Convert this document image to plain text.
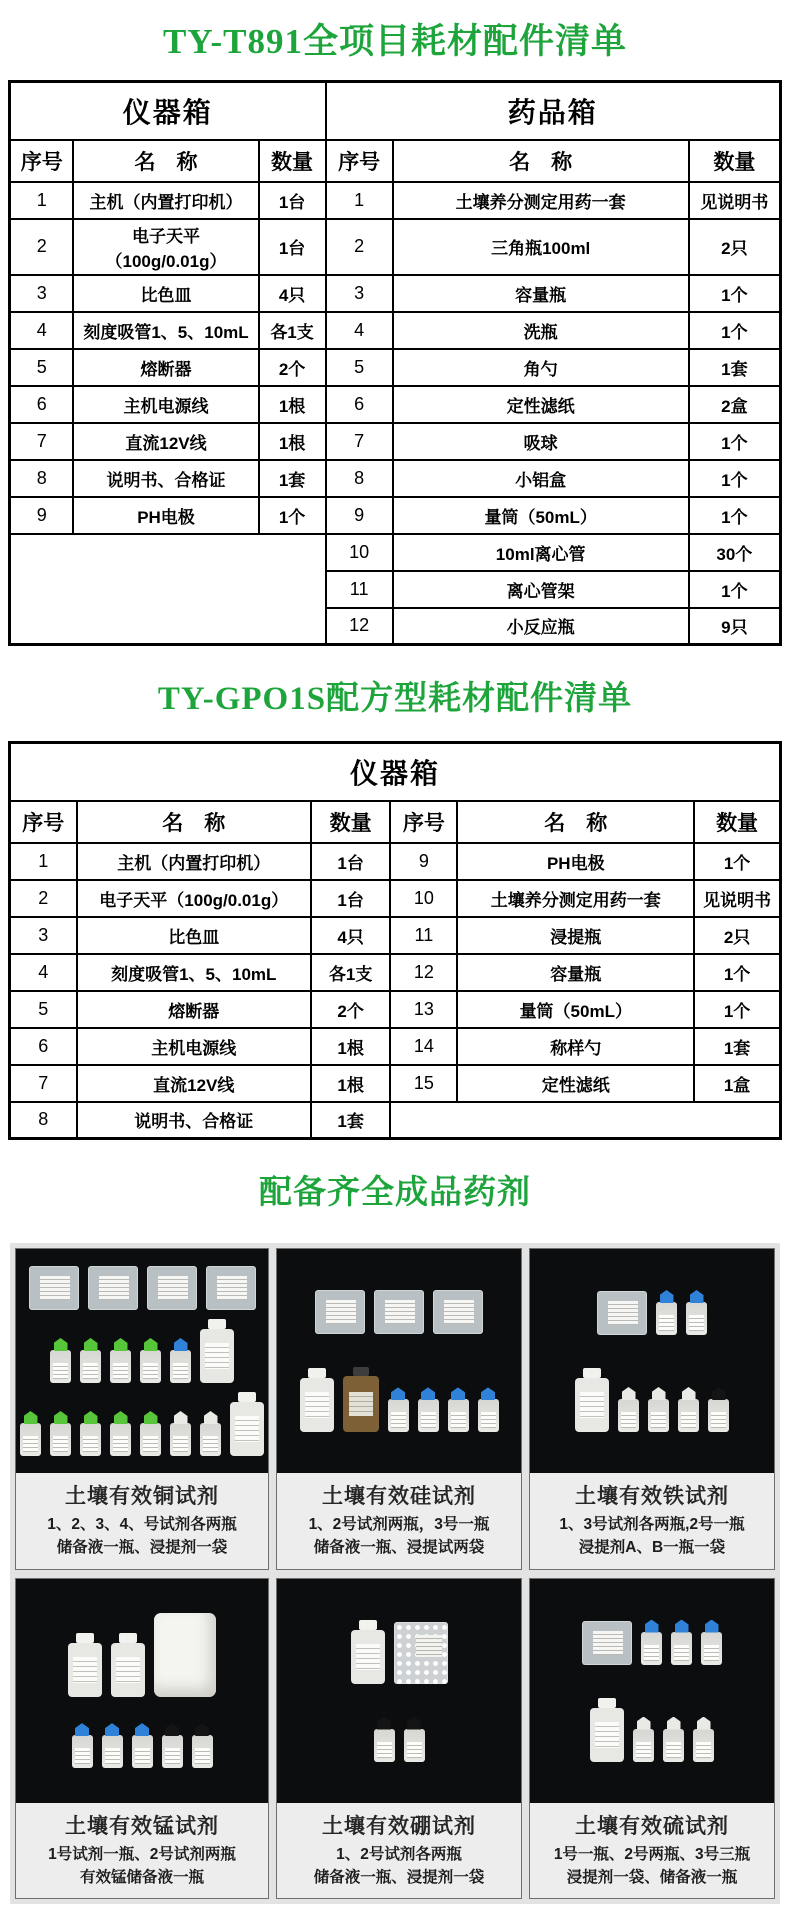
TY-T891全项目耗材配件清单
仪器箱			药品箱		
序号	名　称	数量	序号	名　称	数量
1	主机（内置打印机）	1台	1	土壤养分测定用药一套	见说明书
2	电子天平（100g/0.01g）	1台	2	三角瓶100ml	2只
3	比色皿	4只	3	容量瓶	1个
4	刻度吸管1、5、10mL	各1支	4	洗瓶	1个
5	熔断器	2个	5	角勺	1套
6	主机电源线	1根	6	定性滤纸	2盒
7	直流12V线	1根	7	吸球	1个
8	说明书、合格证	1套	8	小铝盒	1个
9	PH电极	1个	9	量筒（50mL）	1个
			10	10ml离心管	30个
			11	离心管架	1个
			12	小反应瓶	9只
TY-GPO1S配方型耗材配件清单
仪器箱					
序号	名　称	数量	序号	名　称	数量
1	主机（内置打印机）	1台	9	PH电极	1个
2	电子天平（100g/0.01g）	1台	10	土壤养分测定用药一套	见说明书
3	比色皿	4只	11	浸提瓶	2只
4	刻度吸管1、5、10mL	各1支	12	容量瓶	1个
5	熔断器	2个	13	量筒（50mL）	1个
6	主机电源线	1根	14	称样勺	1套
7	直流12V线	1根	15	定性滤纸	1盒
8	说明书、合格证	1套			
配备齐全成品药剂
土壤有效铜试剂
1、2、3、4、号试剂各两瓶
储备液一瓶、浸提剂一袋
土壤有效硅试剂
1、2号试剂两瓶，3号一瓶
储备液一瓶、浸提试两袋
土壤有效铁试剂
1、3号试剂各两瓶,2号一瓶
浸提剂A、B一瓶一袋
土壤有效锰试剂
1号试剂一瓶、2号试剂两瓶
有效锰储备液一瓶
土壤有效硼试剂
1、2号试剂各两瓶
储备液一瓶、浸提剂一袋
土壤有效硫试剂
1号一瓶、2号两瓶、3号三瓶
浸提剂一袋、储备液一瓶
